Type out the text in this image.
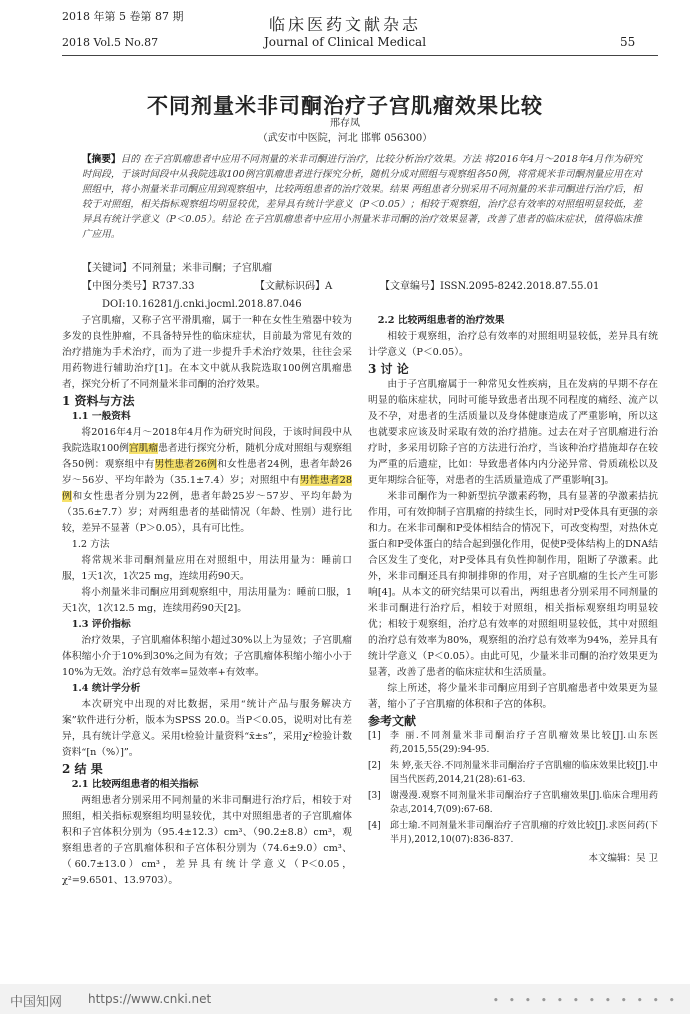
2018 年第 5 卷第 87 期
2018 Vol.5 No.87
临床医药文献杂志
Journal of Clinical Medical	55
不同剂量米非司酮治疗子宫肌瘤效果比较
邢存凤
（武安市中医院，河北 邯郸 056300）
【摘要】目的 在子宫肌瘤患者中应用不同剂量的米非司酮进行治疗，比较分析治疗效果。方法 将2016年4月～2018年4月作为研究时间段，于该时间段中从我院选取100例宫肌瘤患者进行探究分析，随机分成对照组与观察组各50例，将常规米非司酮剂量应用在对照组中，将小剂量米非司酮应用到观察组中，比较两组患者的治疗效果。结果 两组患者分别采用不同剂量的米非司酮进行治疗后，相较于对照组，相关指标观察组均明显较优，差异具有统计学意义（P＜0.05）；相较于观察组，治疗总有效率的对照组明显较低，差异具有统计学意义（P＜0.05）。结论 在子宫肌瘤患者中应用小剂量米非司酮的治疗效果显著，改善了患者的临床症状，值得临床推广应用。
【关键词】不同剂量；米非司酮；子宫肌瘤
【中图分类号】R737.33	【文献标识码】A	【文章编号】ISSN.2095-8242.2018.87.55.01
DOI:10.16281/j.cnki.jocml.2018.87.046

子宫肌瘤，又称子宫平滑肌瘤，属于一种在女性生殖器中较为多发的良性肿瘤，不具备特异性的临床症状，目前最为常见有效的治疗措施为手术治疗，而为了进一步提升手术治疗效果，往往会采用药物进行辅助治疗[1]。在本文中就从我院选取100例宫肌瘤患者，探究分析了不同剂量米非司酮的治疗效果。

1 资料与方法

1.1 一般资料

将2016年4月～2018年4月作为研究时间段，于该时间段中从我院选取100例宫肌瘤患者进行探究分析，随机分成对照组与观察组各50例：观察组中有男性患者26例和女性患者24例，患者年龄26岁～56岁、平均年龄为（35.1±7.4）岁；对照组中有男性患者28例和女性患者分别为22例，患者年龄25岁～57岁、平均年龄为（35.6±7.7）岁；对两组患者的基础情况（年龄、性别）进行比较，差异不显著（P＞0.05），具有可比性。

1.2 方法

将常规米非司酮剂量应用在对照组中，用法用量为：睡前口服，1天1次，1次25 mg，连续用药90天。

将小剂量米非司酮应用到观察组中，用法用量为：睡前口服，1天1次，1次12.5 mg，连续用药90天[2]。

1.3 评价指标

治疗效果，子宫肌瘤体积缩小超过30%以上为显效；子宫肌瘤体积缩小介于10%到30%之间为有效；子宫肌瘤体积缩小缩小小于10%为无效。治疗总有效率=显效率+有效率。

1.4 统计学分析

本次研究中出现的对比数据，采用“统计产品与服务解决方案”软件进行分析，版本为SPSS 20.0。当P＜0.05，说明对比有差异，具有统计学意义。采用t检验计量资料“x̄±s”，采用χ²检验计数资料“[n（%）]”。

2 结 果

2.1 比较两组患者的相关指标

两组患者分别采用不同剂量的米非司酮进行治疗后，相较于对照组，相关指标观察组均明显较优，其中对照组患者的子宫肌瘤体积和子宫体积分别为（95.4±12.3）cm³、（90.2±8.8）cm³，观察组患者的子宫肌瘤体积和子宫体积分别为（74.6±9.0）cm³、（60.7±13.0）cm³，差异具有统计学意义（P＜0.05，χ²=9.6501、13.9703）。

2.2 比较两组患者的治疗效果

相较于观察组，治疗总有效率的对照组明显较低，差异具有统计学意义（P＜0.05）。

3 讨 论

由于子宫肌瘤属于一种常见女性疾病，且在发病的早期不存在明显的临床症状，同时可能导致患者出现不同程度的痛经、流产以及不孕，对患者的生活质量以及身体健康造成了严重影响，所以这也就要求应该及时采取有效的治疗措施。过去在对子宫肌瘤进行治疗时，多采用切除子宫的方法进行治疗，当该种治疗措施却存在较为严重的后遗症，比如：导致患者体内内分泌异常、骨质疏松以及更年期综合征等，对患者的生活质量造成了严重影响[3]。

米非司酮作为一种新型抗孕激素药物，具有显著的孕激素拮抗作用，可有效抑制子宫肌瘤的持续生长，同时对P受体具有更强的亲和力。在米非司酮和P受体相结合的情况下，可改变构型，对热休克蛋白和P受体蛋白的结合起到强化作用，促使P受体结构上的DNA结合区发生了变化，对P受体具有负性抑制作用，阻断了孕激素。此外，米非司酮还具有抑制排卵的作用，对子宫肌瘤的生长产生可影响[4]。从本文的研究结果可以看出，两组患者分别采用不同剂量的米非司酮进行治疗后，相较于对照组，相关指标观察组均明显较优；相较于观察组，治疗总有效率的对照组明显较低，其中对照组的治疗总有效率为80%，观察组的治疗总有效率为94%，差异具有统计学意义（P＜0.05）。由此可见，少量米非司酮的治疗效果更为显著，改善了患者的临床症状和生活质量。

综上所述，将少量米非司酮应用到子宫肌瘤患者中效果更为显著，缩小了子宫肌瘤的体积和子宫的体积。

参考文献

[1]	李 丽.不同剂量米非司酮治疗子宫肌瘤效果比较[J].山东医药,2015,55(29):94-95.
[2]	朱 婷,张天谷.不同剂量米非司酮治疗子宫肌瘤的临床效果比较[J].中国当代医药,2014,21(28):61-63.
[3]	谢漫漫.观察不同剂量米非司酮治疗子宫肌瘤效果[J].临床合理用药杂志,2014,7(09):67-68.
[4]	邱士瑜.不同剂量米非司酮治疗子宫肌瘤的疗效比较[J].求医问药(下半月),2012,10(07):836-837.
本文编辑：吴 卫
中国知网 https://www.cnki.net	• • • • • • • • • • • •
